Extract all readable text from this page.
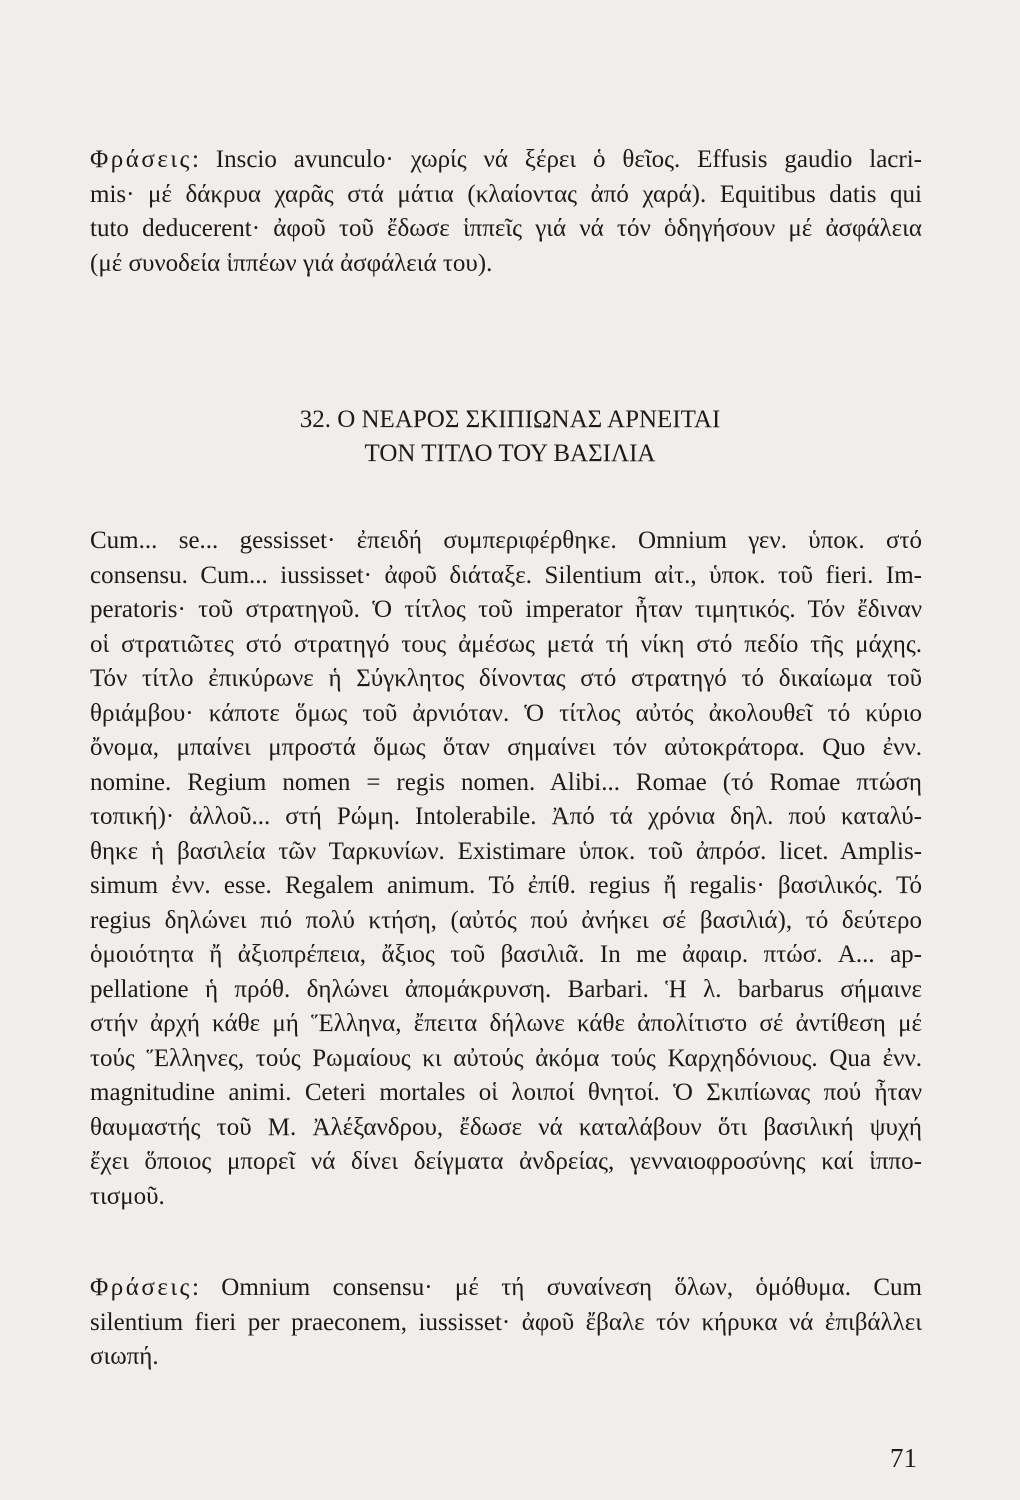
Φράσεις: Inscio avunculo· χωρίς νά ξέρει ὁ θεῖος. Effusis gaudio lacri-
mis· μέ δάκρυα χαρᾶς στά μάτια (κλαίοντας ἀπό χαρά). Equitibus datis qui
tuto deducerent· ἀφοῦ τοῦ ἔδωσε ἱππεῖς γιά νά τόν ὁδηγήσουν μέ ἀσφάλεια
(μέ συνοδεία ἱππέων γιά ἀσφάλειά του).

32. Ο ΝΕΑΡΟΣ ΣΚΙΠΙΩΝΑΣ ΑΡΝΕΙΤΑΙ
ΤΟΝ ΤΙΤΛΟ ΤΟΥ ΒΑΣΙΛΙΑ

Cum... se... gessisset· ἐπειδή συμπεριφέρθηκε. Omnium γεν. ὑποκ. στό
consensu. Cum... iussisset· ἀφοῦ διάταξε. Silentium αἰτ., ὑποκ. τοῦ fieri. Im-
peratoris· τοῦ στρατηγοῦ. Ὁ τίτλος τοῦ imperator ἦταν τιμητικός. Τόν ἔδιναν
οἱ στρατιῶτες στό στρατηγό τους ἀμέσως μετά τή νίκη στό πεδίο τῆς μάχης.
Τόν τίτλο ἐπικύρωνε ἡ Σύγκλητος δίνοντας στό στρατηγό τό δικαίωμα τοῦ
θριάμβου· κάποτε ὅμως τοῦ ἀρνιόταν. Ὁ τίτλος αὐτός ἀκολουθεῖ τό κύριο
ὄνομα, μπαίνει μπροστά ὅμως ὅταν σημαίνει τόν αὐτοκράτορα. Quo ἐνν.
nomine. Regium nomen = regis nomen. Alibi... Romae (τό Romae πτώση
τοπική)· ἀλλοῦ... στή Ρώμη. Intolerabile. Ἀπό τά χρόνια δηλ. πού καταλύ-
θηκε ἡ βασιλεία τῶν Ταρκυνίων. Existimare ὑποκ. τοῦ ἀπρόσ. licet. Amplis-
simum ἐνν. esse. Regalem animum. Τό ἐπίθ. regius ἤ regalis· βασιλικός. Τό
regius δηλώνει πιό πολύ κτήση, (αὐτός πού ἀνήκει σέ βασιλιά), τό δεύτερο
ὁμοιότητα ἤ ἀξιοπρέπεια, ἄξιος τοῦ βασιλιᾶ. In me ἀφαιρ. πτώσ. A... ap-
pellatione ἡ πρόθ. δηλώνει ἀπομάκρυνση. Barbari. Ἡ λ. barbarus σήμαινε
στήν ἀρχή κάθε μή Ἕλληνα, ἔπειτα δήλωνε κάθε ἀπολίτιστο σέ ἀντίθεση μέ
τούς Ἕλληνες, τούς Ρωμαίους κι αὐτούς ἀκόμα τούς Καρχηδόνιους. Qua ἐνν.
magnitudine animi. Ceteri mortales οἱ λοιποί θνητοί. Ὁ Σκιπίωνας πού ἦταν
θαυμαστής τοῦ Μ. Ἀλέξανδρου, ἔδωσε νά καταλάβουν ὅτι βασιλική ψυχή
ἔχει ὅποιος μπορεῖ νά δίνει δείγματα ἀνδρείας, γενναιοφροσύνης καί ἱππο-
τισμοῦ.

Φράσεις: Omnium consensu· μέ τή συναίνεση ὅλων, ὁμόθυμα. Cum
silentium fieri per praeconem, iussisset· ἀφοῦ ἔβαλε τόν κήρυκα νά ἐπιβάλλει
σιωπή.

71
